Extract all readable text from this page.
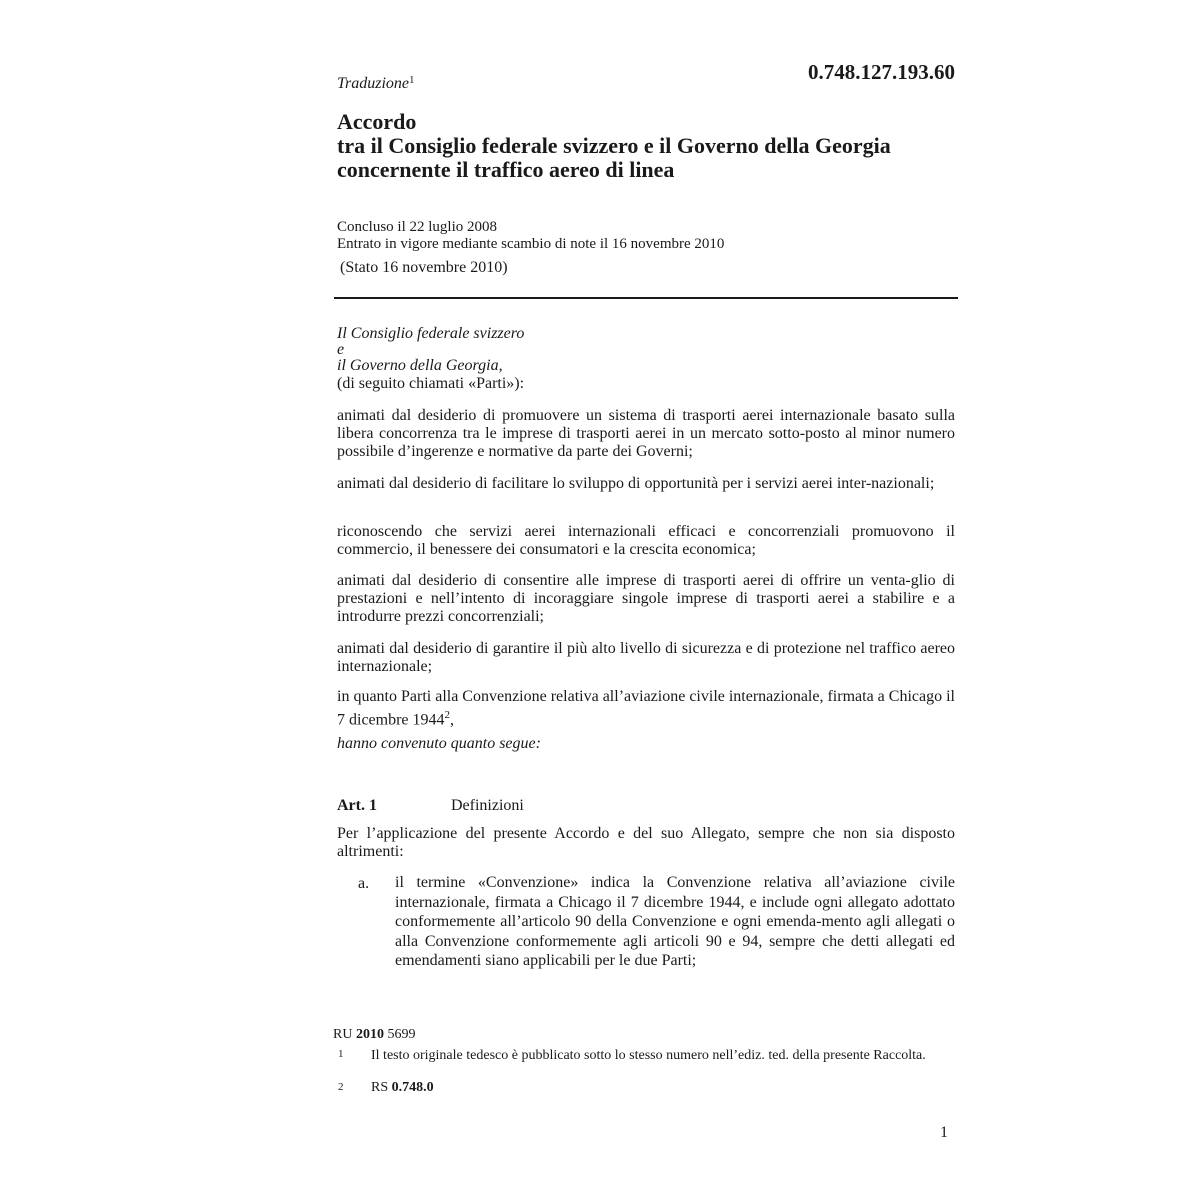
0.748.127.193.60
Traduzione$^1$
Accordo
tra il Consiglio federale svizzero e il Governo della Georgia
concernente il traffico aereo di linea
Concluso il 22 luglio 2008
Entrato in vigore mediante scambio di note il 16 novembre 2010
(Stato 16 novembre 2010)
Il Consiglio federale svizzero
e
il Governo della Georgia,
(di seguito chiamati «Parti»):

animati dal desiderio di promuovere un sistema di trasporti aerei internazionale basato sulla libera concorrenza tra le imprese di trasporti aerei in un mercato sotto-posto al minor numero possibile d’ingerenze e normative da parte dei Governi;

animati dal desiderio di facilitare lo sviluppo di opportunità per i servizi aerei inter-nazionali;

riconoscendo che servizi aerei internazionali efficaci e concorrenziali promuovono il commercio, il benessere dei consumatori e la crescita economica;

animati dal desiderio di consentire alle imprese di trasporti aerei di offrire un venta-glio di prestazioni e nell’intento di incoraggiare singole imprese di trasporti aerei a stabilire e a introdurre prezzi concorrenziali;

animati dal desiderio di garantire il più alto livello di sicurezza e di protezione nel traffico aereo internazionale;

in quanto Parti alla Convenzione relativa all’aviazione civile internazionale, firmata a Chicago il 7 dicembre 1944$^2$,

hanno convenuto quanto segue:

Art. 1	Definizioni

Per l’applicazione del presente Accordo e del suo Allegato, sempre che non sia disposto altrimenti:

a. il termine «Convenzione» indica la Convenzione relativa all’aviazione civile internazionale, firmata a Chicago il 7 dicembre 1944, e include ogni allegato adottato conformemente all’articolo 90 della Convenzione e ogni emenda-mento agli allegati o alla Convenzione conformemente agli articoli 90 e 94, sempre che detti allegati ed emendamenti siano applicabili per le due Parti;

RU 2010 5699
1 Il testo originale tedesco è pubblicato sotto lo stesso numero nell’ediz. ted. della presente Raccolta.
2 RS 0.748.0
1
